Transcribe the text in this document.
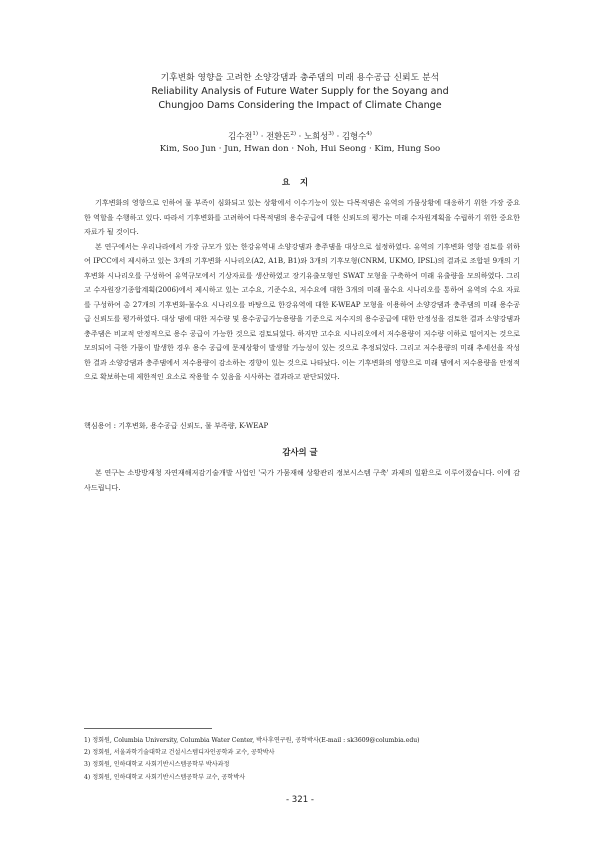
기후변화 영향을 고려한 소양강댐과 충주댐의 미래 용수공급 신뢰도 분석
Reliability Analysis of Future Water Supply for the Soyang and
Chungjoo Dams Considering the Impact of Climate Change
김수전$^{1)}$ · 전환돈$^{2)}$ · 노희성$^{3)}$ · 김형수$^{4)}$
Kim, Soo Jun · Jun, Hwan don · Noh, Hui Seong · Kim, Hung Soo
요지

기후변화의 영향으로 인하여 물 부족이 심화되고 있는 상황에서 이수기능이 있는 다목적댐은 유역의 가뭄상황에 대응하기 위한 가장 중요한 역할을 수행하고 있다. 따라서 기후변화를 고려하여 다목적댐의 용수공급에 대한 신뢰도의 평가는 미래 수자원계획을 수립하기 위한 중요한 자료가 될 것이다.

본 연구에서는 우리나라에서 가장 규모가 있는 한강유역내 소양강댐과 충주댐을 대상으로 설정하였다. 유역의 기후변화 영향 검토를 위하여 IPCC에서 제시하고 있는 3개의 기후변화 시나리오(A2, A1B, B1)와 3개의 기후모형(CNRM, UKMO, IPSL)의 결과로 조합된 9개의 기후변화 시나리오를 구성하여 유역규모에서 기상자료를 생산하였고 장기유출모형인 SWAT 모형을 구축하여 미래 유출량을 모의하였다. 그리고 수자원장기종합계획(2006)에서 제시하고 있는 고수요, 기준수요, 저수요에 대한 3개의 미래 물수요 시나리오를 통하여 유역의 수요 자료를 구성하여 총 27개의 기후변화-물수요 시나리오를 바탕으로 한강유역에 대한 K-WEAP 모형을 이용하여 소양강댐과 충주댐의 미래 용수공급 신뢰도를 평가하였다. 대상 댐에 대한 저수량 및 용수공급가능용량을 기준으로 저수지의 용수공급에 대한 안정성을 검토한 결과 소양강댐과 충주댐은 비교적 안정적으로 용수 공급이 가능한 것으로 검토되었다. 하지만 고수요 시나리오에서 저수용량이 저수량 이하로 떨어지는 것으로 모의되어 극한 가뭄이 발생한 경우 용수 공급에 문제상황이 발생할 가능성이 있는 것으로 추정되었다. 그리고 저수용량의 미래 추세선을 작성한 결과 소양강댐과 충주댐에서 저수용량이 감소하는 경향이 있는 것으로 나타났다. 이는 기후변화의 영향으로 미래 댐에서 저수용량을 안정적으로 확보하는데 제한적인 요소로 작용할 수 있음을 시사하는 결과라고 판단되었다.

핵심용어 : 기후변화, 용수공급 신뢰도, 물 부족량, K-WEAP
감사의 글

본 연구는 소방방재청 자연재해저감기술개발 사업인 '국가 가뭄재해 상황관리 정보시스템 구축' 과제의 일환으로 이루어졌습니다. 이에 감사드립니다.

1) 정회원, Columbia University, Columbia Water Center, 박사후연구원, 공학박사(E-mail : sk3609@columbia.edu)
2) 정회원, 서울과학기술대학교 건설시스템디자인공학과 교수, 공학박사
3) 정회원, 인하대학교 사회기반시스템공학부 박사과정
4) 정회원, 인하대학교 사회기반시스템공학부 교수, 공학박사
- 321 -
